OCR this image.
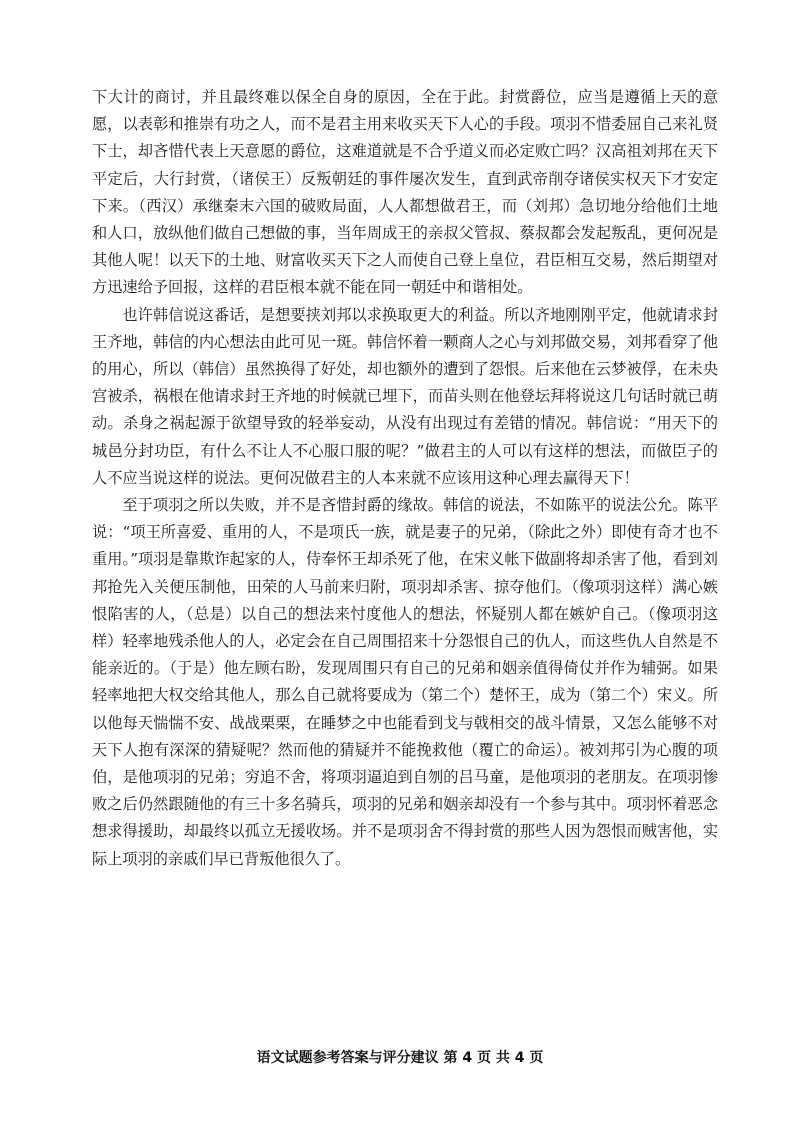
下大计的商讨，并且最终难以保全自身的原因，全在于此。封赏爵位，应当是遵循上天的意愿，以表彰和推崇有功之人，而不是君主用来收买天下人心的手段。项羽不惜委屈自己来礼贤下士，却吝惜代表上天意愿的爵位，这难道就是不合乎道义而必定败亡吗？汉高祖刘邦在天下平定后，大行封赏，（诸侯王）反叛朝廷的事件屡次发生，直到武帝削夺诸侯实权天下才安定下来。（西汉）承继秦末六国的破败局面，人人都想做君王，而（刘邦）急切地分给他们土地和人口，放纵他们做自己想做的事，当年周成王的亲叔父管叔、蔡叔都会发起叛乱，更何况是其他人呢！以天下的土地、财富收买天下之人而使自己登上皇位，君臣相互交易，然后期望对方迅速给予回报，这样的君臣根本就不能在同一朝廷中和谐相处。

也许韩信说这番话，是想要挟刘邦以求换取更大的利益。所以齐地刚刚平定，他就请求封王齐地，韩信的内心想法由此可见一斑。韩信怀着一颗商人之心与刘邦做交易，刘邦看穿了他的用心，所以（韩信）虽然换得了好处，却也额外的遭到了怨恨。后来他在云梦被俘，在未央宫被杀，祸根在他请求封王齐地的时候就已埋下，而苗头则在他登坛拜将说这几句话时就已萌动。杀身之祸起源于欲望导致的轻举妄动，从没有出现过有差错的情况。韩信说：“用天下的城邑分封功臣，有什么不让人不心服口服的呢？”做君主的人可以有这样的想法，而做臣子的人不应当说这样的说法。更何况做君主的人本来就不应该用这种心理去赢得天下！

至于项羽之所以失败，并不是吝惜封爵的缘故。韩信的说法，不如陈平的说法公允。陈平说：“项王所喜爱、重用的人，不是项氏一族，就是妻子的兄弟，（除此之外）即使有奇才也不重用。”项羽是靠欺诈起家的人，侍奉怀王却杀死了他，在宋义帐下做副将却杀害了他，看到刘邦抢先入关便压制他，田荣的人马前来归附，项羽却杀害、掠夺他们。（像项羽这样）满心嫉恨陷害的人，（总是）以自己的想法来忖度他人的想法，怀疑别人都在嫉妒自己。（像项羽这样）轻率地残杀他人的人，必定会在自己周围招来十分怨恨自己的仇人，而这些仇人自然是不能亲近的。（于是）他左顾右盼，发现周围只有自己的兄弟和姻亲值得倚仗并作为辅弼。如果轻率地把大权交给其他人，那么自己就将要成为（第二个）楚怀王，成为（第二个）宋义。所以他每天惴惴不安、战战栗栗，在睡梦之中也能看到戈与戟相交的战斗情景，又怎么能够不对天下人抱有深深的猜疑呢？然而他的猜疑并不能挽救他（覆亡的命运）。被刘邦引为心腹的项伯，是他项羽的兄弟；穷追不舍，将项羽逼迫到自刎的吕马童，是他项羽的老朋友。在项羽惨败之后仍然跟随他的有三十多名骑兵，项羽的兄弟和姻亲却没有一个参与其中。项羽怀着恶念想求得援助，却最终以孤立无援收场。并不是项羽舍不得封赏的那些人因为怨恨而贼害他，实际上项羽的亲戚们早已背叛他很久了。

语文试题参考答案与评分建议 第 4 页 共 4 页
